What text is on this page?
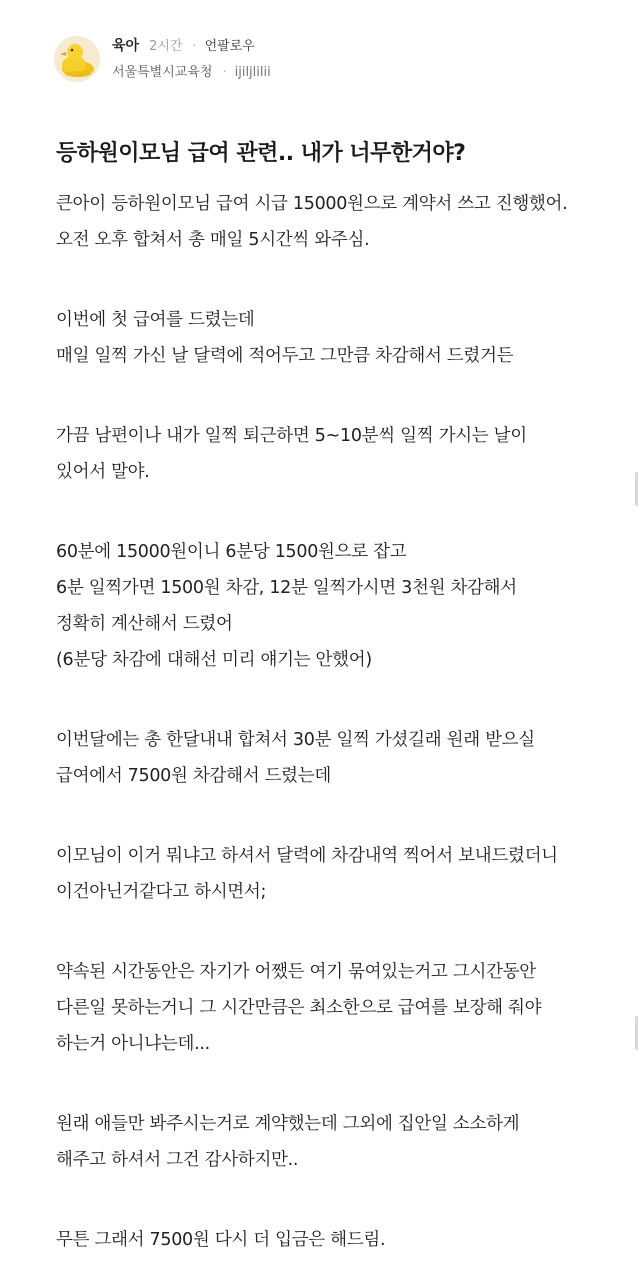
육아 2시간 · 언팔로우
서울특별시교육청 · ijiljlilii
등하원이모님 급여 관련.. 내가 너무한거야?

큰아이 등하원이모님 급여 시급 15000원으로 계약서 쓰고 진행했어.
오전 오후 합쳐서 총 매일 5시간씩 와주심.

이번에 첫 급여를 드렸는데
매일 일찍 가신 날 달력에 적어두고 그만큼 차감해서 드렸거든

가끔 남편이나 내가 일찍 퇴근하면 5~10분씩 일찍 가시는 날이
있어서 말야.

60분에 15000원이니 6분당 1500원으로 잡고
6분 일찍가면 1500원 차감, 12분 일찍가시면 3천원 차감해서
정확히 계산해서 드렸어
(6분당 차감에 대해선 미리 얘기는 안했어)

이번달에는 총 한달내내 합쳐서 30분 일찍 가셨길래 원래 받으실
급여에서 7500원 차감해서 드렸는데

이모님이 이거 뭐냐고 하셔서 달력에 차감내역 찍어서 보내드렸더니
이건아닌거같다고 하시면서;

약속된 시간동안은 자기가 어쨌든 여기 묶여있는거고 그시간동안
다른일 못하는거니 그 시간만큼은 최소한으로 급여를 보장해 줘야
하는거 아니냐는데...

원래 애들만 봐주시는거로 계약했는데 그외에 집안일 소소하게
해주고 하셔서 그건 감사하지만..

무튼 그래서 7500원 다시 더 입금은 해드림.
